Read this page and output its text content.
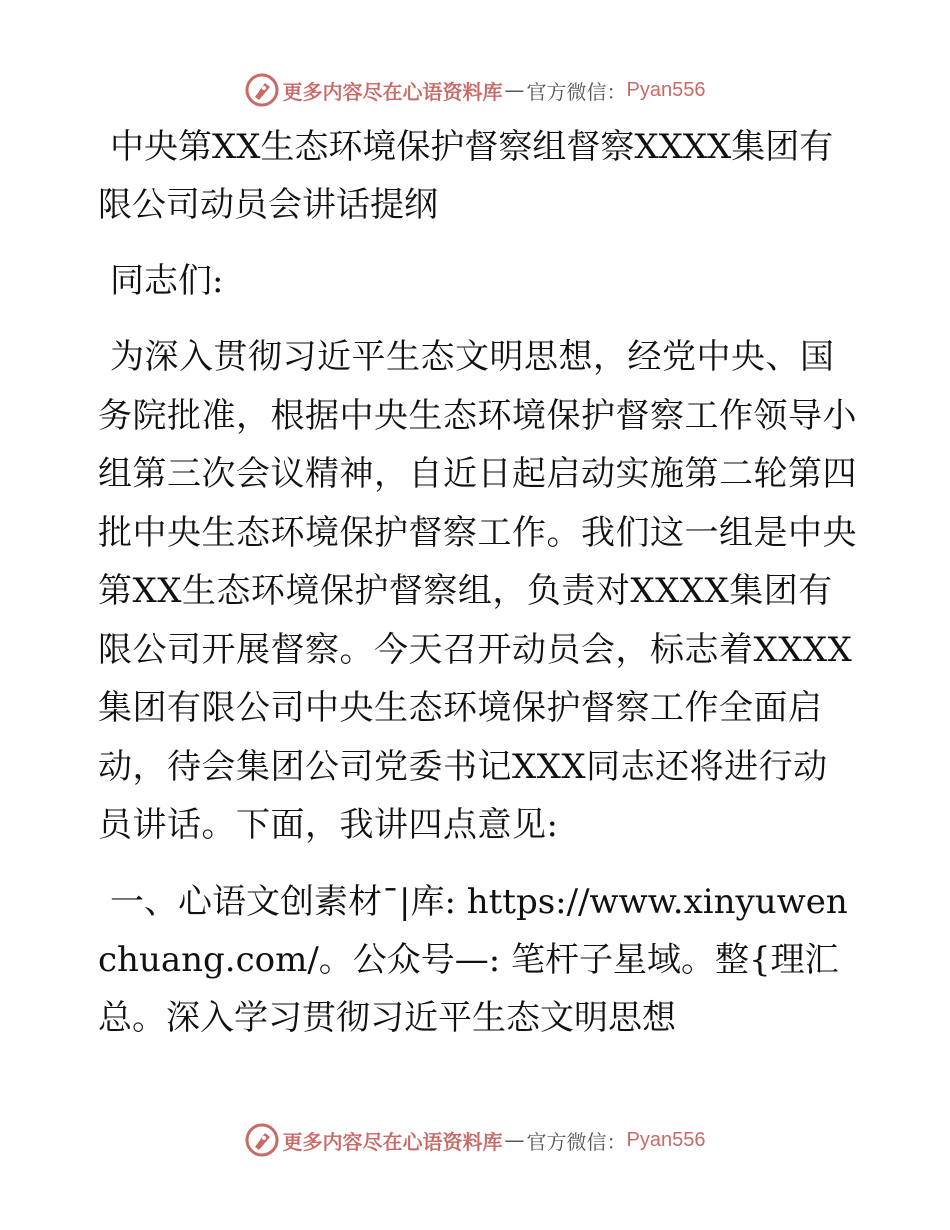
更多内容尽在心语资料库 — 官方微信： Pyan556

中央第XX生态环境保护督察组督察XXXX集团有限公司动员会讲话提纲

同志们:

为深入贯彻习近平生态文明思想，经党中央、国务院批准，根据中央生态环境保护督察工作领导小组第三次会议精神，自近日起启动实施第二轮第四批中央生态环境保护督察工作。我们这一组是中央第XX生态环境保护督察组，负责对XXXX集团有限公司开展督察。今天召开动员会，标志着XXXX集团有限公司中央生态环境保护督察工作全面启动，待会集团公司党委书记XXX同志还将进行动员讲话。下面，我讲四点意见:

一、心语文创素材¯|库: https://www.xinyuwenchuang.com/。公众号—: 笔杆子星域。整{理汇总。深入学习贯彻习近平生态文明思想

更多内容尽在心语资料库 — 官方微信： Pyan556
